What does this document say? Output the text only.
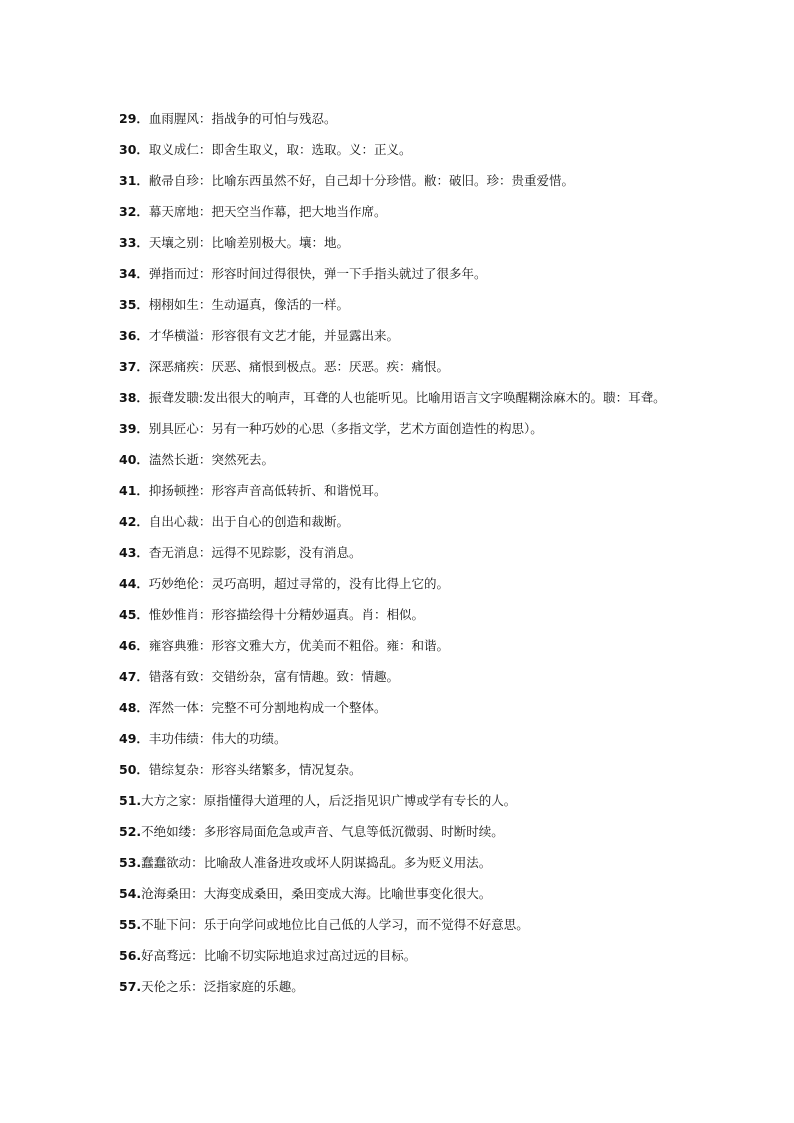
29．血雨腥风：指战争的可怕与残忍。
30．取义成仁：即舍生取义，取：选取。义：正义。
31．敝帚自珍：比喻东西虽然不好，自己却十分珍惜。敝：破旧。珍：贵重爱惜。
32．幕天席地：把天空当作幕，把大地当作席。
33．天壤之别：比喻差别极大。壤：地。
34．弹指而过：形容时间过得很快，弹一下手指头就过了很多年。
35．栩栩如生：生动逼真，像活的一样。
36．才华横溢：形容很有文艺才能，并显露出来。
37．深恶痛疾：厌恶、痛恨到极点。恶：厌恶。疾：痛恨。
38．振聋发聩:发出很大的响声，耳聋的人也能听见。比喻用语言文字唤醒糊涂麻木的。聩：耳聋。
39．别具匠心：另有一种巧妙的心思（多指文学，艺术方面创造性的构思）。
40．溘然长逝：突然死去。
41．抑扬顿挫：形容声音高低转折、和谐悦耳。
42．自出心裁：出于自心的创造和裁断。
43．杳无消息：远得不见踪影，没有消息。
44．巧妙绝伦：灵巧高明，超过寻常的，没有比得上它的。
45．惟妙惟肖：形容描绘得十分精妙逼真。肖：相似。
46．雍容典雅：形容文雅大方，优美而不粗俗。雍：和谐。
47．错落有致：交错纷杂，富有情趣。致：情趣。
48．浑然一体：完整不可分割地构成一个整体。
49．丰功伟绩：伟大的功绩。
50．错综复杂：形容头绪繁多，情况复杂。
51.大方之家：原指懂得大道理的人，后泛指见识广博或学有专长的人。
52.不绝如缕：多形容局面危急或声音、气息等低沉微弱、时断时续。
53.蠢蠢欲动：比喻敌人准备进攻或坏人阴谋捣乱。多为贬义用法。
54.沧海桑田：大海变成桑田，桑田变成大海。比喻世事变化很大。
55.不耻下问：乐于向学问或地位比自己低的人学习，而不觉得不好意思。
56.好高骛远：比喻不切实际地追求过高过远的目标。
57.天伦之乐：泛指家庭的乐趣。
